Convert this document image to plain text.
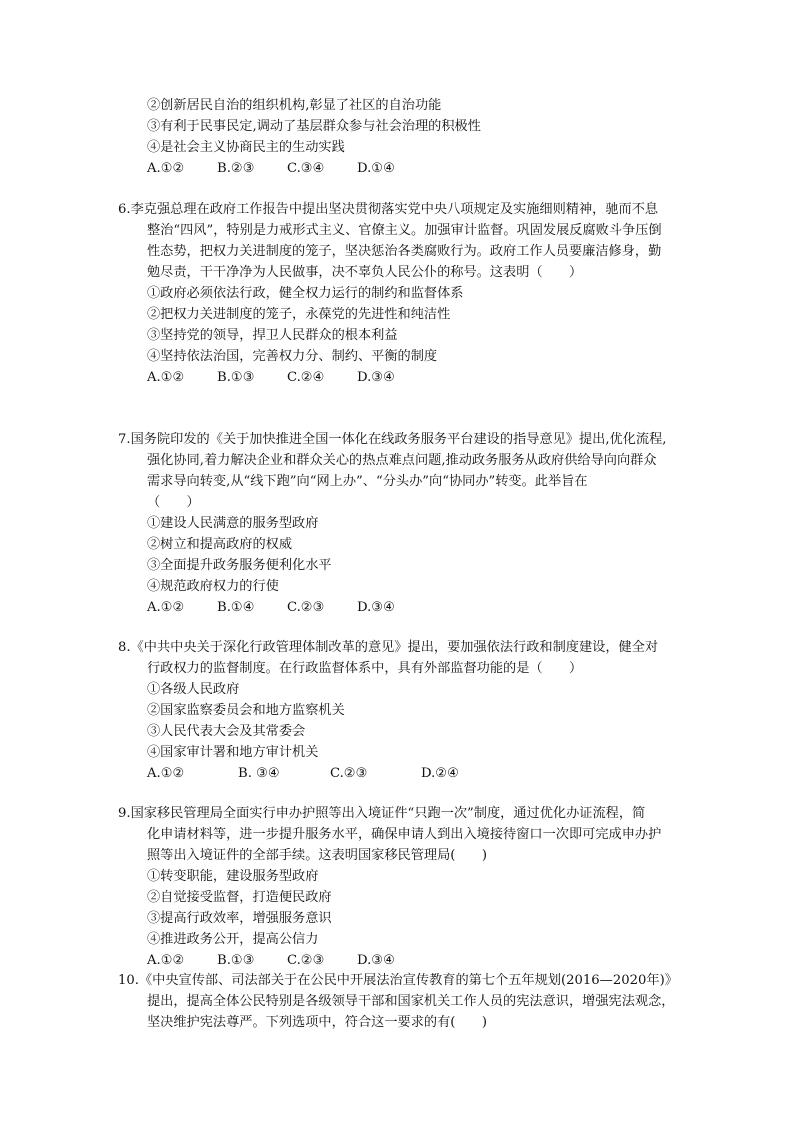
②创新居民自治的组织机构,彰显了社区的自治功能
③有利于民事民定,调动了基层群众参与社会治理的积极性
④是社会主义协商民主的生动实践
A.①② B.②③ C.③④ D.①④
6.李克强总理在政府工作报告中提出坚决贯彻落实党中央八项规定及实施细则精神，驰而不息
整治“四风”，特别是力戒形式主义、官僚主义。加强审计监督。巩固发展反腐败斗争压倒
性态势，把权力关进制度的笼子，坚决惩治各类腐败行为。政府工作人员要廉洁修身，勤
勉尽责，干干净净为人民做事，决不辜负人民公仆的称号。这表明（　　）
①政府必须依法行政，健全权力运行的制约和监督体系
②把权力关进制度的笼子，永葆党的先进性和纯洁性
③坚持党的领导，捍卫人民群众的根本利益
④坚持依法治国，完善权力分、制约、平衡的制度
A.①② B.①③ C.②④ D.③④
7.国务院印发的《关于加快推进全国一体化在线政务服务平台建设的指导意见》提出,优化流程,
强化协同,着力解决企业和群众关心的热点难点问题,推动政务服务从政府供给导向向群众
需求导向转变,从“线下跑”向“网上办”、“分头办”向“协同办”转变。此举旨在
（　　）
①建设人民满意的服务型政府
②树立和提高政府的权威
③全面提升政务服务便利化水平
④规范政府权力的行使
A.①② B.①④ C.②③ D.③④
8.《中共中央关于深化行政管理体制改革的意见》提出，要加强依法行政和制度建设，健全对
行政权力的监督制度。在行政监督体系中，具有外部监督功能的是（　　）
①各级人民政府
②国家监察委员会和地方监察机关
③人民代表大会及其常委会
④国家审计署和地方审计机关
A.①②	B. ③④	C.②③	D.②④
9.国家移民管理局全面实行申办护照等出入境证件“只跑一次”制度，通过优化办证流程，简
化申请材料等，进一步提升服务水平，确保申请人到出入境接待窗口一次即可完成申办护
照等出入境证件的全部手续。这表明国家移民管理局(　　)
①转变职能，建设服务型政府
②自觉接受监督，打造便民政府
③提高行政效率，增强服务意识
④推进政务公开，提高公信力
A.①② B.①③ C.②③ D.③④
10.《中央宣传部、司法部关于在公民中开展法治宣传教育的第七个五年规划(2016—2020年)》
提出，提高全体公民特别是各级领导干部和国家机关工作人员的宪法意识，增强宪法观念，
坚决维护宪法尊严。下列选项中，符合这一要求的有(　　)
